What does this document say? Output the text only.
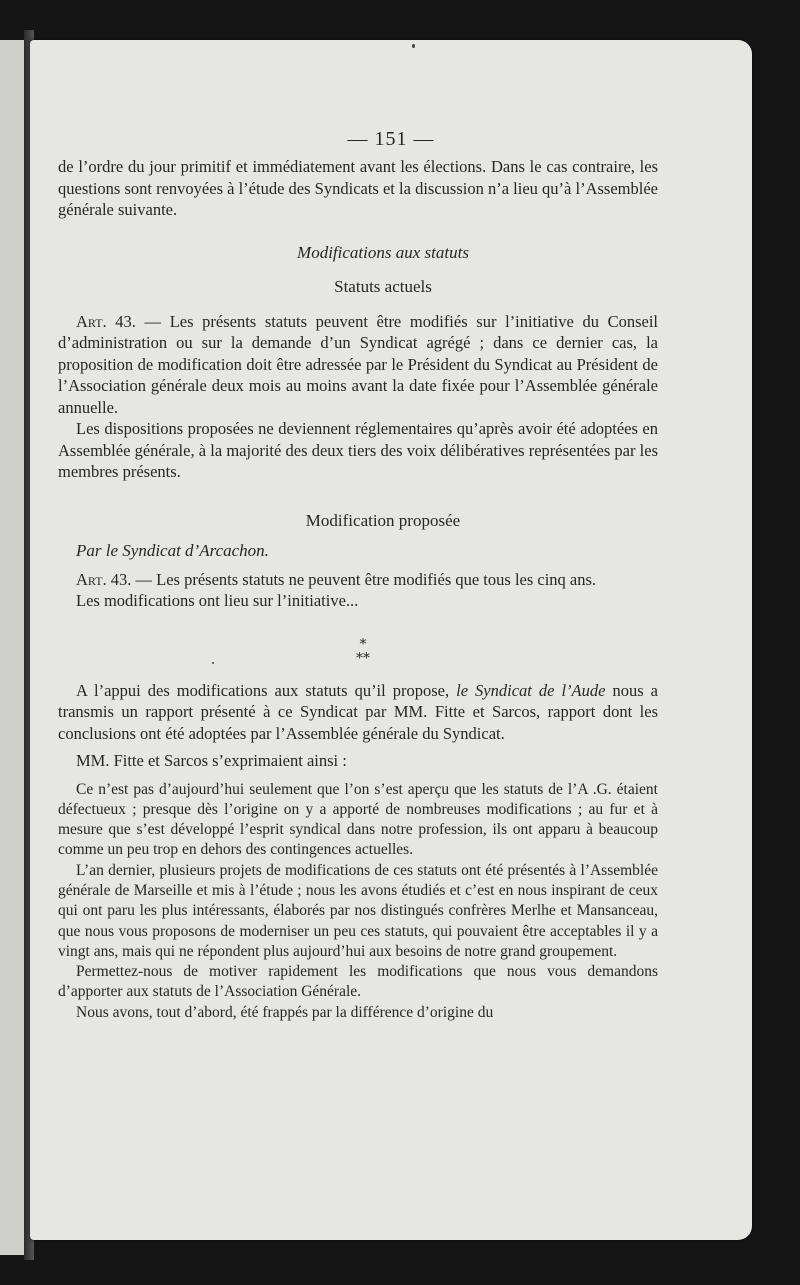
— 151 —

de l’ordre du jour primitif et immédiatement avant les élections. Dans le cas contraire, les questions sont renvoyées à l’étude des Syndicats et la discussion n’a lieu qu’à l’Assemblée générale suivante.

Modifications aux statuts
Statuts actuels

Art. 43. — Les présents statuts peuvent être modifiés sur l’initiative du Conseil d’administration ou sur la demande d’un Syndicat agrégé ; dans ce dernier cas, la proposition de modification doit être adressée par le Président du Syndicat au Président de l’Association générale deux mois au moins avant la date fixée pour l’Assemblée générale annuelle.

Les dispositions proposées ne deviennent réglementaires qu’après avoir été adoptées en Assemblée générale, à la majorité des deux tiers des voix délibératives représentées par les membres présents.

Modification proposée
Par le Syndicat d’Arcachon.

Art. 43. — Les présents statuts ne peuvent être modifiés que tous les cinq ans.

Les modifications ont lieu sur l’initiative...

⁎
⁎⁎

A l’appui des modifications aux statuts qu’il propose, le Syndicat de l’Aude nous a transmis un rapport présenté à ce Syndicat par MM. Fitte et Sarcos, rapport dont les conclusions ont été adoptées par l’Assemblée générale du Syndicat.

MM. Fitte et Sarcos s’exprimaient ainsi :

Ce n’est pas d’aujourd’hui seulement que l’on s’est aperçu que les statuts de l’A .G. étaient défectueux ; presque dès l’origine on y a apporté de nombreuses modifications ; au fur et à mesure que s’est développé l’esprit syndical dans notre profession, ils ont apparu à beaucoup comme un peu trop en dehors des contingences actuelles.

L’an dernier, plusieurs projets de modifications de ces statuts ont été présentés à l’Assemblée générale de Marseille et mis à l’étude ; nous les avons étudiés et c’est en nous inspirant de ceux qui ont paru les plus intéressants, élaborés par nos distingués confrères Merlhe et Mansanceau, que nous vous proposons de moderniser un peu ces statuts, qui pouvaient être acceptables il y a vingt ans, mais qui ne répondent plus aujourd’hui aux besoins de notre grand groupement.

Permettez-nous de motiver rapidement les modifications que nous vous demandons d’apporter aux statuts de l’Association Générale.

Nous avons, tout d’abord, été frappés par la différence d’origine du
